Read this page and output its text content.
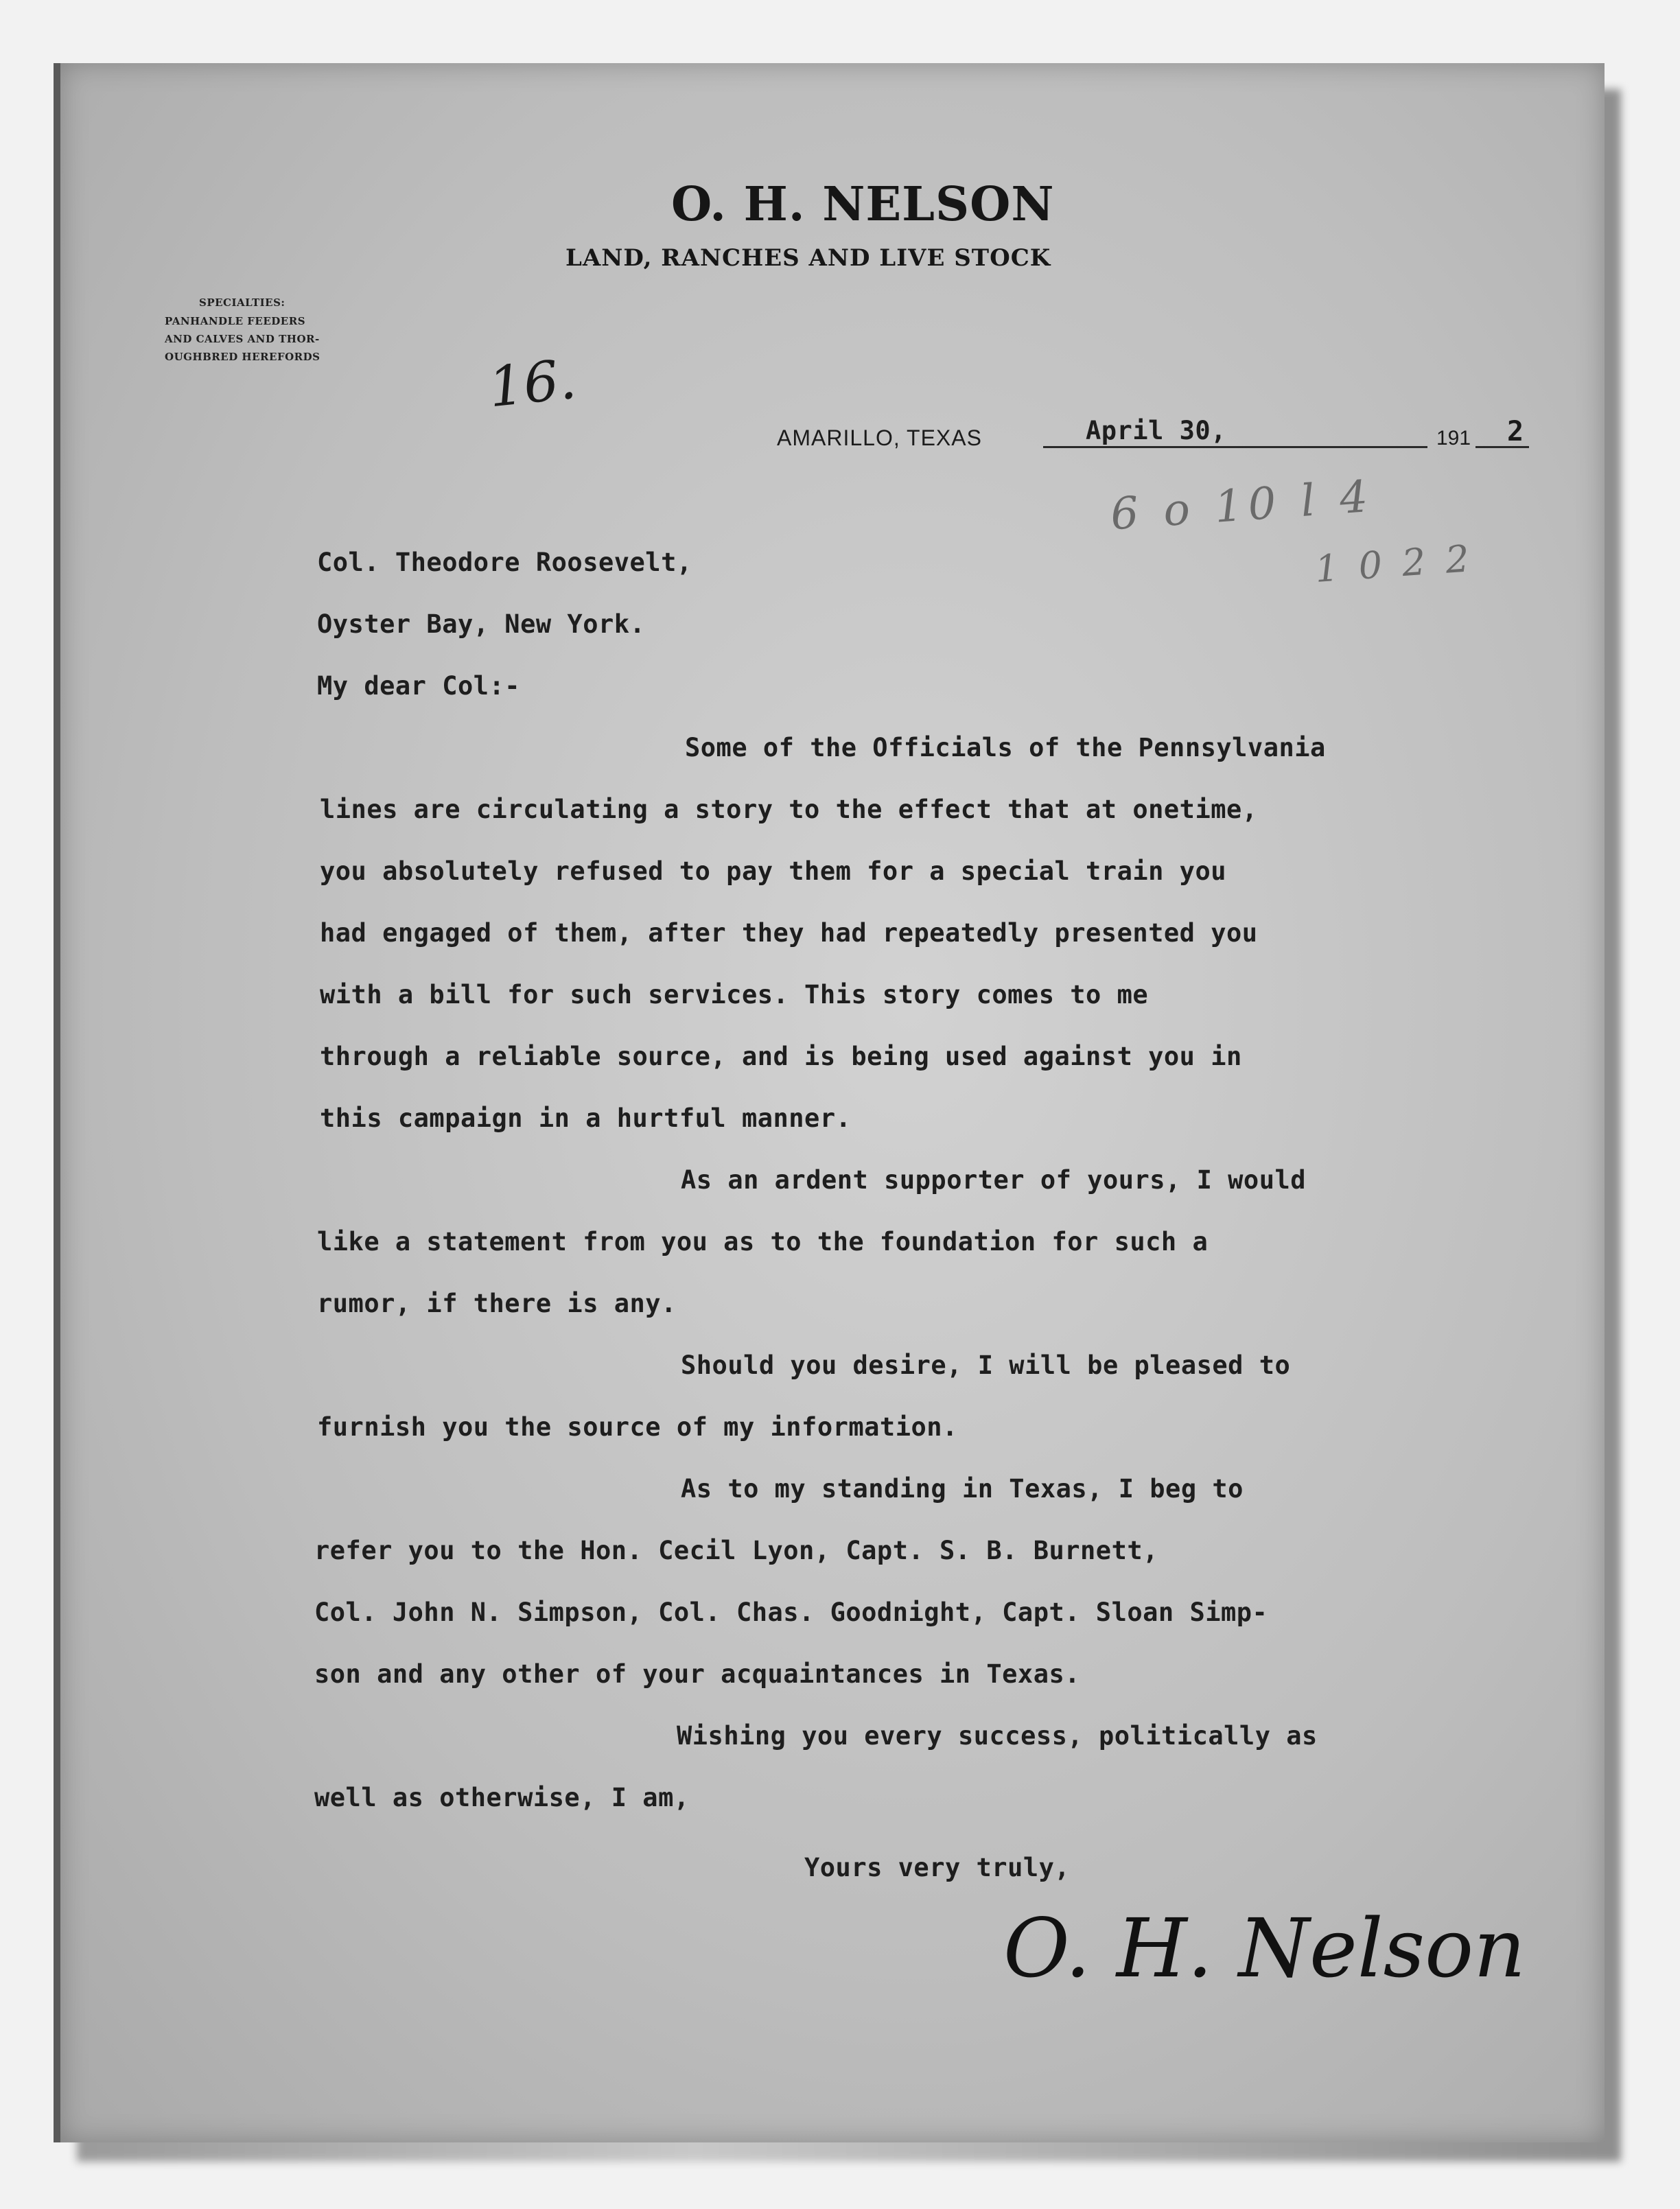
O. H. NELSON
LAND, RANCHES AND LIVE STOCK
SPECIALTIES:
PANHANDLE FEEDERS
AND CALVES AND THOR-
OUGHBRED HEREFORDS	16.
6 o 10 l 4
1 0 2 2
AMARILLO, TEXAS	April 30,	191 2
Col. Theodore Roosevelt,
Oyster Bay, New York.
My dear Col:-
Some of the Officials of the Pennsylvania
lines are circulating a story to the effect that at onetime,
you absolutely refused to pay them for a special train you
had engaged of them, after they had repeatedly presented you
with a bill for such services. This story comes to me
through a reliable source, and is being used against you in
this campaign in a hurtful manner.
As an ardent supporter of yours, I would
like a statement from you as to the foundation for such a
rumor, if there is any.
Should you desire, I will be pleased to
furnish you the source of my information.
As to my standing in Texas, I beg to
refer you to the Hon. Cecil Lyon, Capt. S. B. Burnett,
Col. John N. Simpson, Col. Chas. Goodnight, Capt. Sloan Simp-
son and any other of your acquaintances in Texas.
Wishing you every success, politically as
well as otherwise, I am,
Yours very truly,
O. H. Nelson
